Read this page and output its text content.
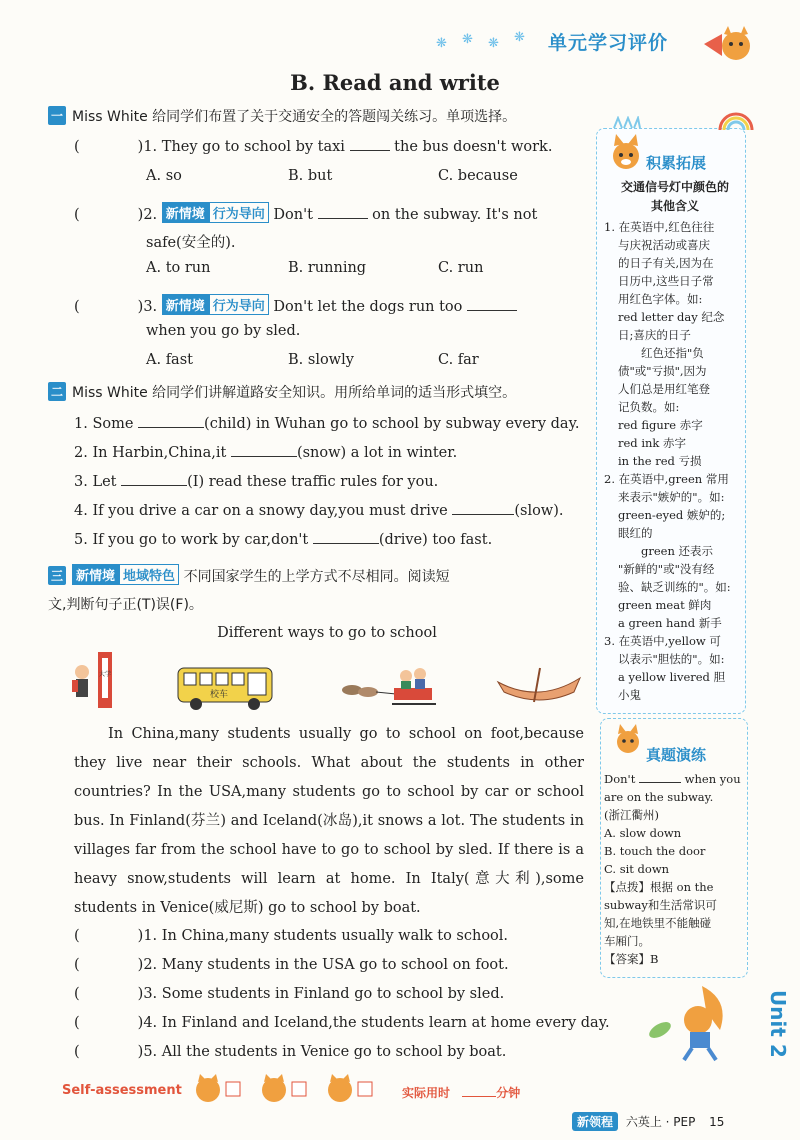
❋ ❋ ❋ ❋ 单元学习评价
B. Read and write
一 Miss White 给同学们布置了关于交通安全的答题闯关练习。单项选择。
(	)1. They go to school by taxi	the bus doesn't work.
A. so	B. but	C. because
(	)2. 新情境 行为导向 Don't	on the subway. It's not
safe(安全的).
A. to run	B. running	C. run
(	)3. 新情境 行为导向 Don't let the dogs run too
when you go by sled.
A. fast	B. slowly	C. far
二 Miss White 给同学们讲解道路安全知识。用所给单词的适当形式填空。
1. Some	(child) in Wuhan go to school by subway every day.
2. In Harbin,China,it	(snow) a lot in winter.
3. Let	(I) read these traffic rules for you.
4. If you drive a car on a snowy day,you must drive	(slow).
5. If you go to work by car,don't	(drive) too fast.
三 新情境 地域特色 不同国家学生的上学方式不尽相同。阅读短
文,判断句子正(T)误(F)。
Different ways to go to school
大学
校车
In China,many students usually go to school on foot,because they live near their schools. What about the students in other countries? In the USA,many students go to school by car or school bus. In Finland(芬兰) and Iceland(冰岛),it snows a lot. The students in villages far from the school have to go to school by sled. If there is a heavy snow,students will learn at home. In Italy(意大利),some students in Venice(威尼斯) go to school by boat.
(	)1. In China,many students usually walk to school.
(	)2. Many students in the USA go to school on foot.
(	)3. Some students in Finland go to school by sled.
(	)4. In Finland and Iceland,the students learn at home every day.
(	)5. All the students in Venice go to school by boat.
积累拓展
交通信号灯中颜色的其他含义
1. 在英语中,红色往往
与庆祝活动或喜庆
的日子有关,因为在
日历中,这些日子常
用红色字体。如:
red letter day 纪念
日;喜庆的日子
　　红色还指"负
债"或"亏损",因为
人们总是用红笔登
记负数。如:
red figure 赤字
red ink 赤字
in the red 亏损
2. 在英语中,green 常用
来表示"嫉妒的"。如:
green-eyed 嫉妒的;
眼红的
　　green 还表示
"新鲜的"或"没有经
验、缺乏训练的"。如:
green meat 鲜肉
a green hand 新手
3. 在英语中,yellow 可
以表示"胆怯的"。如:
a yellow livered 胆
小鬼
真题演练
Don't	when you
are on the subway.
(浙江衢州)
A. slow down
B. touch the door
C. sit down
【点拨】根据 on the
subway和生活常识可
知,在地铁里不能触碰
车厢门。
【答案】B
Unit 2
Self-assessment	实际用时	分钟
新领程 六英上 · PEP 15
